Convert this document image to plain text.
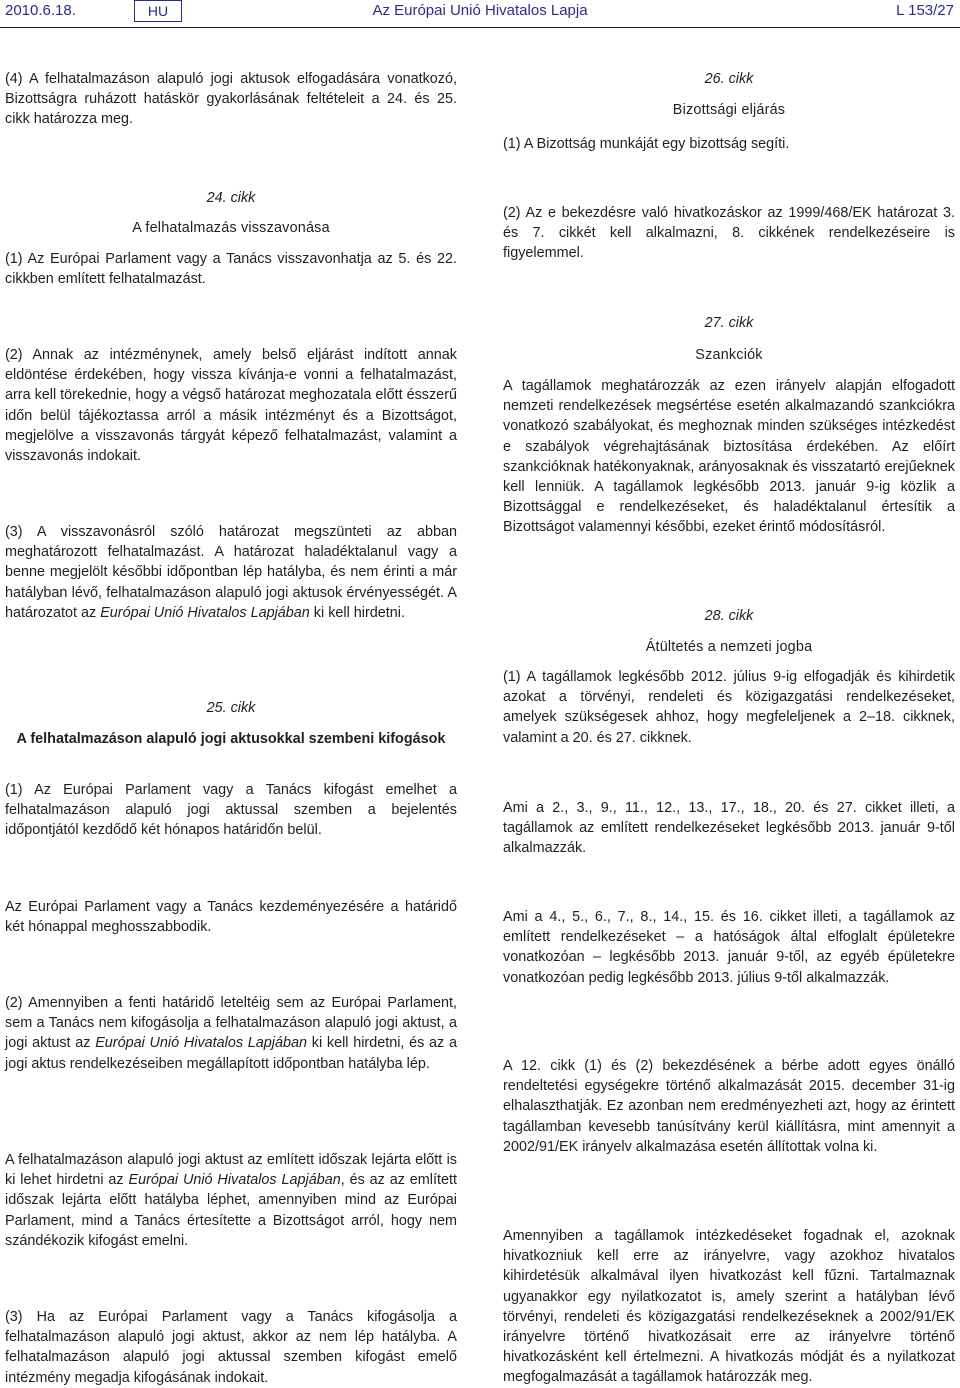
2010.6.18.	HU	Az Európai Unió Hivatalos Lapja	L 153/27

(4) A felhatalmazáson alapuló jogi aktusok elfogadására vonatkozó, Bizottságra ruházott hatáskör gyakorlásának feltételeit a 24. és 25. cikk határozza meg.

24. cikk
A felhatalmazás visszavonása

(1) Az Európai Parlament vagy a Tanács visszavonhatja az 5. és 22. cikkben említett felhatalmazást.

(2) Annak az intézménynek, amely belső eljárást indított annak eldöntése érdekében, hogy vissza kívánja-e vonni a felhatalmazást, arra kell törekednie, hogy a végső határozat meghozatala előtt ésszerű időn belül tájékoztassa arról a másik intézményt és a Bizottságot, megjelölve a visszavonás tárgyát képező felhatalmazást, valamint a visszavonás indokait.

(3) A visszavonásról szóló határozat megszünteti az abban meghatározott felhatalmazást. A határozat haladéktalanul vagy a benne megjelölt későbbi időpontban lép hatályba, és nem érinti a már hatályban lévő, felhatalmazáson alapuló jogi aktusok érvényességét. A határozatot az Európai Unió Hivatalos Lapjában ki kell hirdetni.

25. cikk
A felhatalmazáson alapuló jogi aktusokkal szembeni kifogások

(1) Az Európai Parlament vagy a Tanács kifogást emelhet a felhatalmazáson alapuló jogi aktussal szemben a bejelentés időpontjától kezdődő két hónapos határidőn belül.

Az Európai Parlament vagy a Tanács kezdeményezésére a határidő két hónappal meghosszabbodik.

(2) Amennyiben a fenti határidő leteltéig sem az Európai Parlament, sem a Tanács nem kifogásolja a felhatalmazáson alapuló jogi aktust, a jogi aktust az Európai Unió Hivatalos Lapjában ki kell hirdetni, és az a jogi aktus rendelkezéseiben megállapított időpontban hatályba lép.

A felhatalmazáson alapuló jogi aktust az említett időszak lejárta előtt is ki lehet hirdetni az Európai Unió Hivatalos Lapjában, és az az említett időszak lejárta előtt hatályba léphet, amennyiben mind az Európai Parlament, mind a Tanács értesítette a Bizottságot arról, hogy nem szándékozik kifogást emelni.

(3) Ha az Európai Parlament vagy a Tanács kifogásolja a felhatalmazáson alapuló jogi aktust, akkor az nem lép hatályba. A felhatalmazáson alapuló jogi aktussal szemben kifogást emelő intézmény megadja kifogásának indokait.

26. cikk
Bizottsági eljárás

(1) A Bizottság munkáját egy bizottság segíti.

(2) Az e bekezdésre való hivatkozáskor az 1999/468/EK határozat 3. és 7. cikkét kell alkalmazni, 8. cikkének rendelkezéseire is figyelemmel.

27. cikk
Szankciók

A tagállamok meghatározzák az ezen irányelv alapján elfogadott nemzeti rendelkezések megsértése esetén alkalmazandó szankciókra vonatkozó szabályokat, és meghoznak minden szükséges intézkedést e szabályok végrehajtásának biztosítása érdekében. Az előírt szankcióknak hatékonyaknak, arányosaknak és visszatartó erejűeknek kell lenniük. A tagállamok legkésőbb 2013. január 9-ig közlik a Bizottsággal e rendelkezéseket, és haladéktalanul értesítik a Bizottságot valamennyi későbbi, ezeket érintő módosításról.

28. cikk
Átültetés a nemzeti jogba

(1) A tagállamok legkésőbb 2012. július 9-ig elfogadják és kihirdetik azokat a törvényi, rendeleti és közigazgatási rendelkezéseket, amelyek szükségesek ahhoz, hogy megfeleljenek a 2–18. cikknek, valamint a 20. és 27. cikknek.

Ami a 2., 3., 9., 11., 12., 13., 17., 18., 20. és 27. cikket illeti, a tagállamok az említett rendelkezéseket legkésőbb 2013. január 9-től alkalmazzák.

Ami a 4., 5., 6., 7., 8., 14., 15. és 16. cikket illeti, a tagállamok az említett rendelkezéseket – a hatóságok által elfoglalt épületekre vonatkozóan – legkésőbb 2013. január 9-től, az egyéb épületekre vonatkozóan pedig legkésőbb 2013. július 9-től alkalmazzák.

A 12. cikk (1) és (2) bekezdésének a bérbe adott egyes önálló rendeltetési egységekre történő alkalmazását 2015. december 31-ig elhalaszthatják. Ez azonban nem eredményezheti azt, hogy az érintett tagállamban kevesebb tanúsítvány kerül kiállításra, mint amennyit a 2002/91/EK irányelv alkalmazása esetén állítottak volna ki.

Amennyiben a tagállamok intézkedéseket fogadnak el, azoknak hivatkozniuk kell erre az irányelvre, vagy azokhoz hivatalos kihirdetésük alkalmával ilyen hivatkozást kell fűzni. Tartalmaznak ugyanakkor egy nyilatkozatot is, amely szerint a hatályban lévő törvényi, rendeleti és közigazgatási rendelkezéseknek a 2002/91/EK irányelvre történő hivatkozásait erre az irányelvre történő hivatkozásként kell értelmezni. A hivatkozás módját és a nyilatkozat megfogalmazását a tagállamok határozzák meg.
